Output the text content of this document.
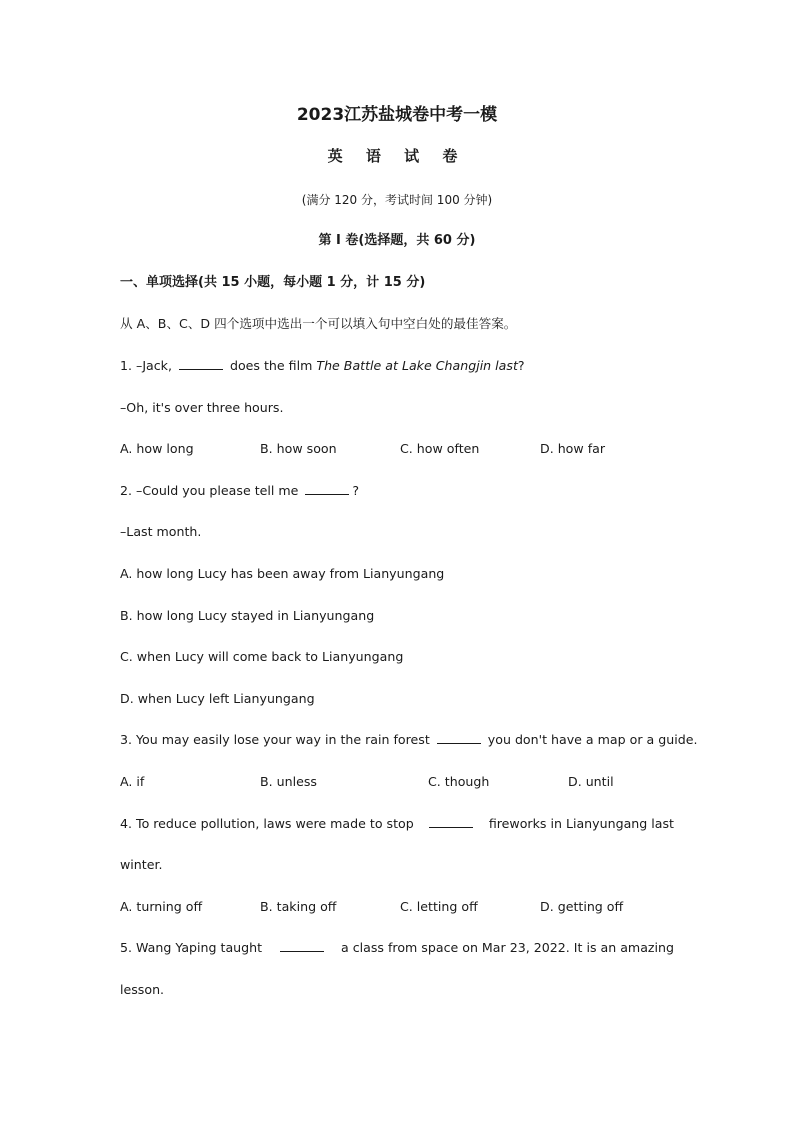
2023江苏盐城卷中考一模
英 语 试 卷
(满分 120 分，考试时间 100 分钟)
第 I 卷(选择题，共 60 分)
一、单项选择(共 15 小题，每小题 1 分，计 15 分)
从 A、B、C、D 四个选项中选出一个可以填入句中空白处的最佳答案。
1. –Jack,	does the film The Battle at Lake Changjin last?
–Oh, it's over three hours.
A. how long	B. how soon	C. how often	D. how far
2. –Could you please tell me	?
–Last month.
A. how long Lucy has been away from Lianyungang
B. how long Lucy stayed in Lianyungang
C. when Lucy will come back to Lianyungang
D. when Lucy left Lianyungang
3. You may easily lose your way in the rain forest	you don't have a map or a guide.
A. if	B. unless	C. though	D. until
4. To reduce pollution, laws were made to stop	fireworks in Lianyungang last
winter.
A. turning off	B. taking off	C. letting off	D. getting off
5. Wang Yaping taught	a class from space on Mar 23, 2022. It is an amazing
lesson.
